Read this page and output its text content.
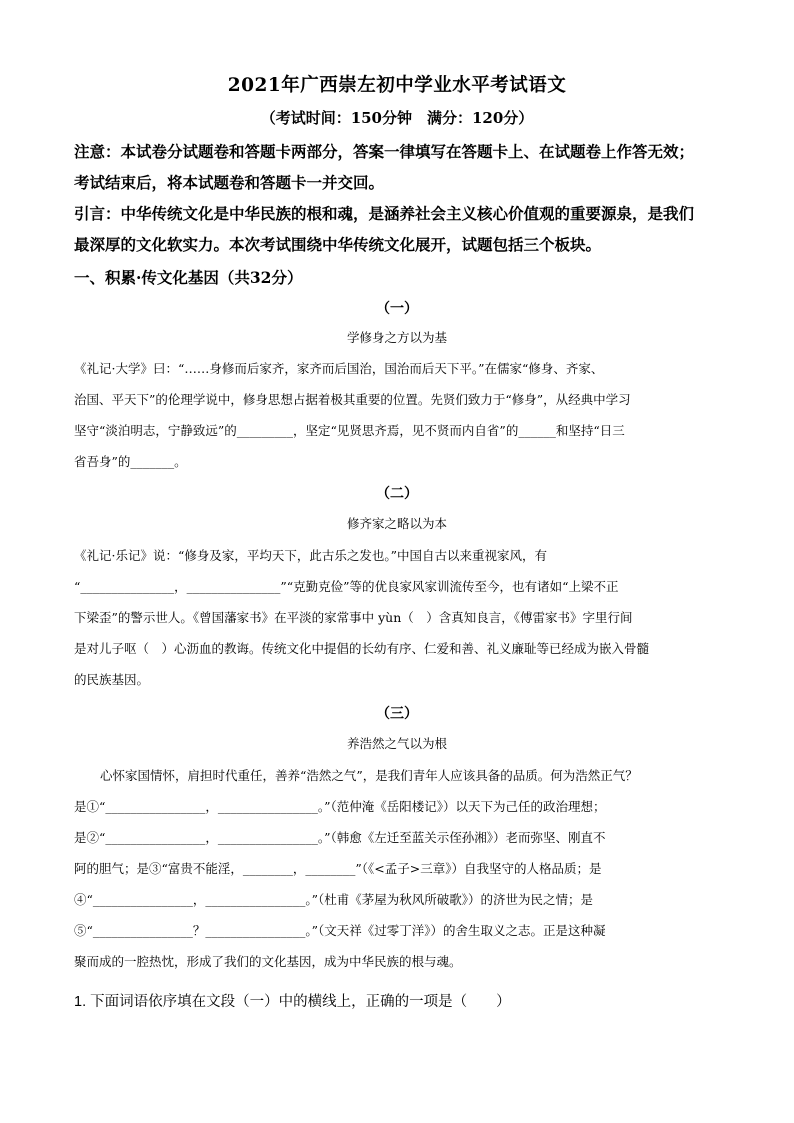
2021年广西崇左初中学业水平考试语文
（考试时间：150分钟　满分：120分）
注意：本试卷分试题卷和答题卡两部分，答案一律填写在答题卡上、在试题卷上作答无效；
考试结束后，将本试题卷和答题卡一并交回。
引言：中华传统文化是中华民族的根和魂，是涵养社会主义核心价值观的重要源泉，是我们
最深厚的文化软实力。本次考试围绕中华传统文化展开，试题包括三个板块。
一、积累·传文化基因（共32分）
（一）
学修身之方以为基

《礼记·大学》曰：“……身修而后家齐，家齐而后国治，国治而后天下平。”在儒家“修身、齐家、

治国、平天下”的伦理学说中，修身思想占据着极其重要的位置。先贤们致力于“修身”，从经典中学习

坚守“淡泊明志，宁静致远”的_________，坚定“见贤思齐焉，见不贤而内自省”的______和坚持“日三

省吾身”的_______。

（二）
修齐家之略以为本

《礼记·乐记》说：“修身及家，平均天下，此古乐之发也。”中国自古以来重视家风，有

“_______________，_______________”“克勤克俭”等的优良家风家训流传至今，也有诸如“上梁不正

下梁歪”的警示世人。《曾国藩家书》在平淡的家常事中 yùn（　）含真知良言，《傅雷家书》字里行间

是对儿子呕（　）心沥血的教诲。传统文化中提倡的长幼有序、仁爱和善、礼义廉耻等已经成为嵌入骨髓

的民族基因。

（三）
养浩然之气以为根

心怀家国情怀，肩担时代重任，善养“浩然之气”，是我们青年人应该具备的品质。何为浩然正气？

是①“________________，________________。”（范仲淹《岳阳楼记》）以天下为己任的政治理想；

是②“________________，________________。”（韩愈《左迁至蓝关示侄孙湘》）老而弥坚、刚直不

阿的胆气；是③“富贵不能淫，________，________”（《<孟子>三章》）自我坚守的人格品质；是

④“________________，________________。”（杜甫《茅屋为秋风所破歌》）的济世为民之情；是

⑤“________________？________________。”（文天祥《过零丁洋》）的舍生取义之志。正是这种凝

聚而成的一腔热忱，形成了我们的文化基因，成为中华民族的根与魂。

1. 下面词语依序填在文段（一）中的横线上，正确的一项是（　　）
